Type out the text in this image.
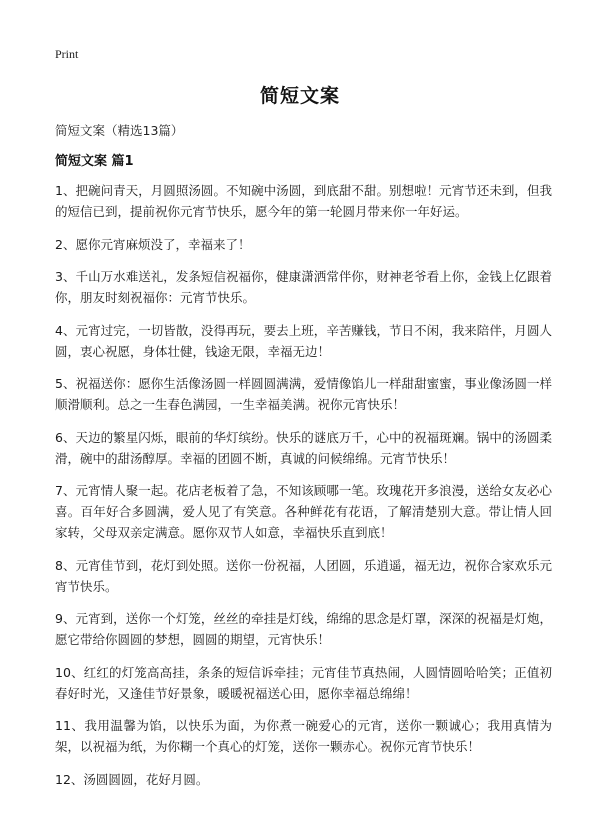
Print
简短文案
简短文案（精选13篇）
简短文案 篇1

1、把碗问青天，月圆照汤圆。不知碗中汤圆，到底甜不甜。别想啦！元宵节还未到，但我的短信已到，提前祝你元宵节快乐，愿今年的第一轮圆月带来你一年好运。

2、愿你元宵麻烦没了，幸福来了！

3、千山万水难送礼，发条短信祝福你，健康潇洒常伴你，财神老爷看上你，金钱上亿跟着你，朋友时刻祝福你：元宵节快乐。

4、元宵过完，一切皆散，没得再玩，要去上班，辛苦赚钱，节日不闲，我来陪伴，月圆人圆，衷心祝愿，身体壮健，钱途无限，幸福无边！

5、祝福送你：愿你生活像汤圆一样圆圆满满，爱情像馅儿一样甜甜蜜蜜，事业像汤圆一样顺滑顺利。总之一生春色满园，一生幸福美满。祝你元宵快乐！

6、天边的繁星闪烁，眼前的华灯缤纷。快乐的谜底万千，心中的祝福斑斓。锅中的汤圆柔滑，碗中的甜汤醇厚。幸福的团圆不断，真诚的问候绵绵。元宵节快乐！

7、元宵情人聚一起。花店老板着了急，不知该顾哪一笔。玫瑰花开多浪漫，送给女友必心喜。百年好合多圆满，爱人见了有笑意。各种鲜花有花语，了解清楚别大意。带让情人回家转，父母双亲定满意。愿你双节人如意，幸福快乐直到底！

8、元宵佳节到，花灯到处照。送你一份祝福，人团圆，乐逍遥，福无边，祝你合家欢乐元宵节快乐。

9、元宵到，送你一个灯笼，丝丝的牵挂是灯线，绵绵的思念是灯罩，深深的祝福是灯炮，愿它带给你圆圆的梦想，圆圆的期望，元宵快乐！

10、红红的灯笼高高挂，条条的短信诉牵挂；元宵佳节真热闹，人圆情圆哈哈笑；正值初春好时光，又逢佳节好景象，暖暖祝福送心田，愿你幸福总绵绵！

11、我用温馨为馅，以快乐为面，为你煮一碗爱心的元宵，送你一颗诚心；我用真情为架，以祝福为纸，为你糊一个真心的灯笼，送你一颗赤心。祝你元宵节快乐！

12、汤圆圆圆，花好月圆。
